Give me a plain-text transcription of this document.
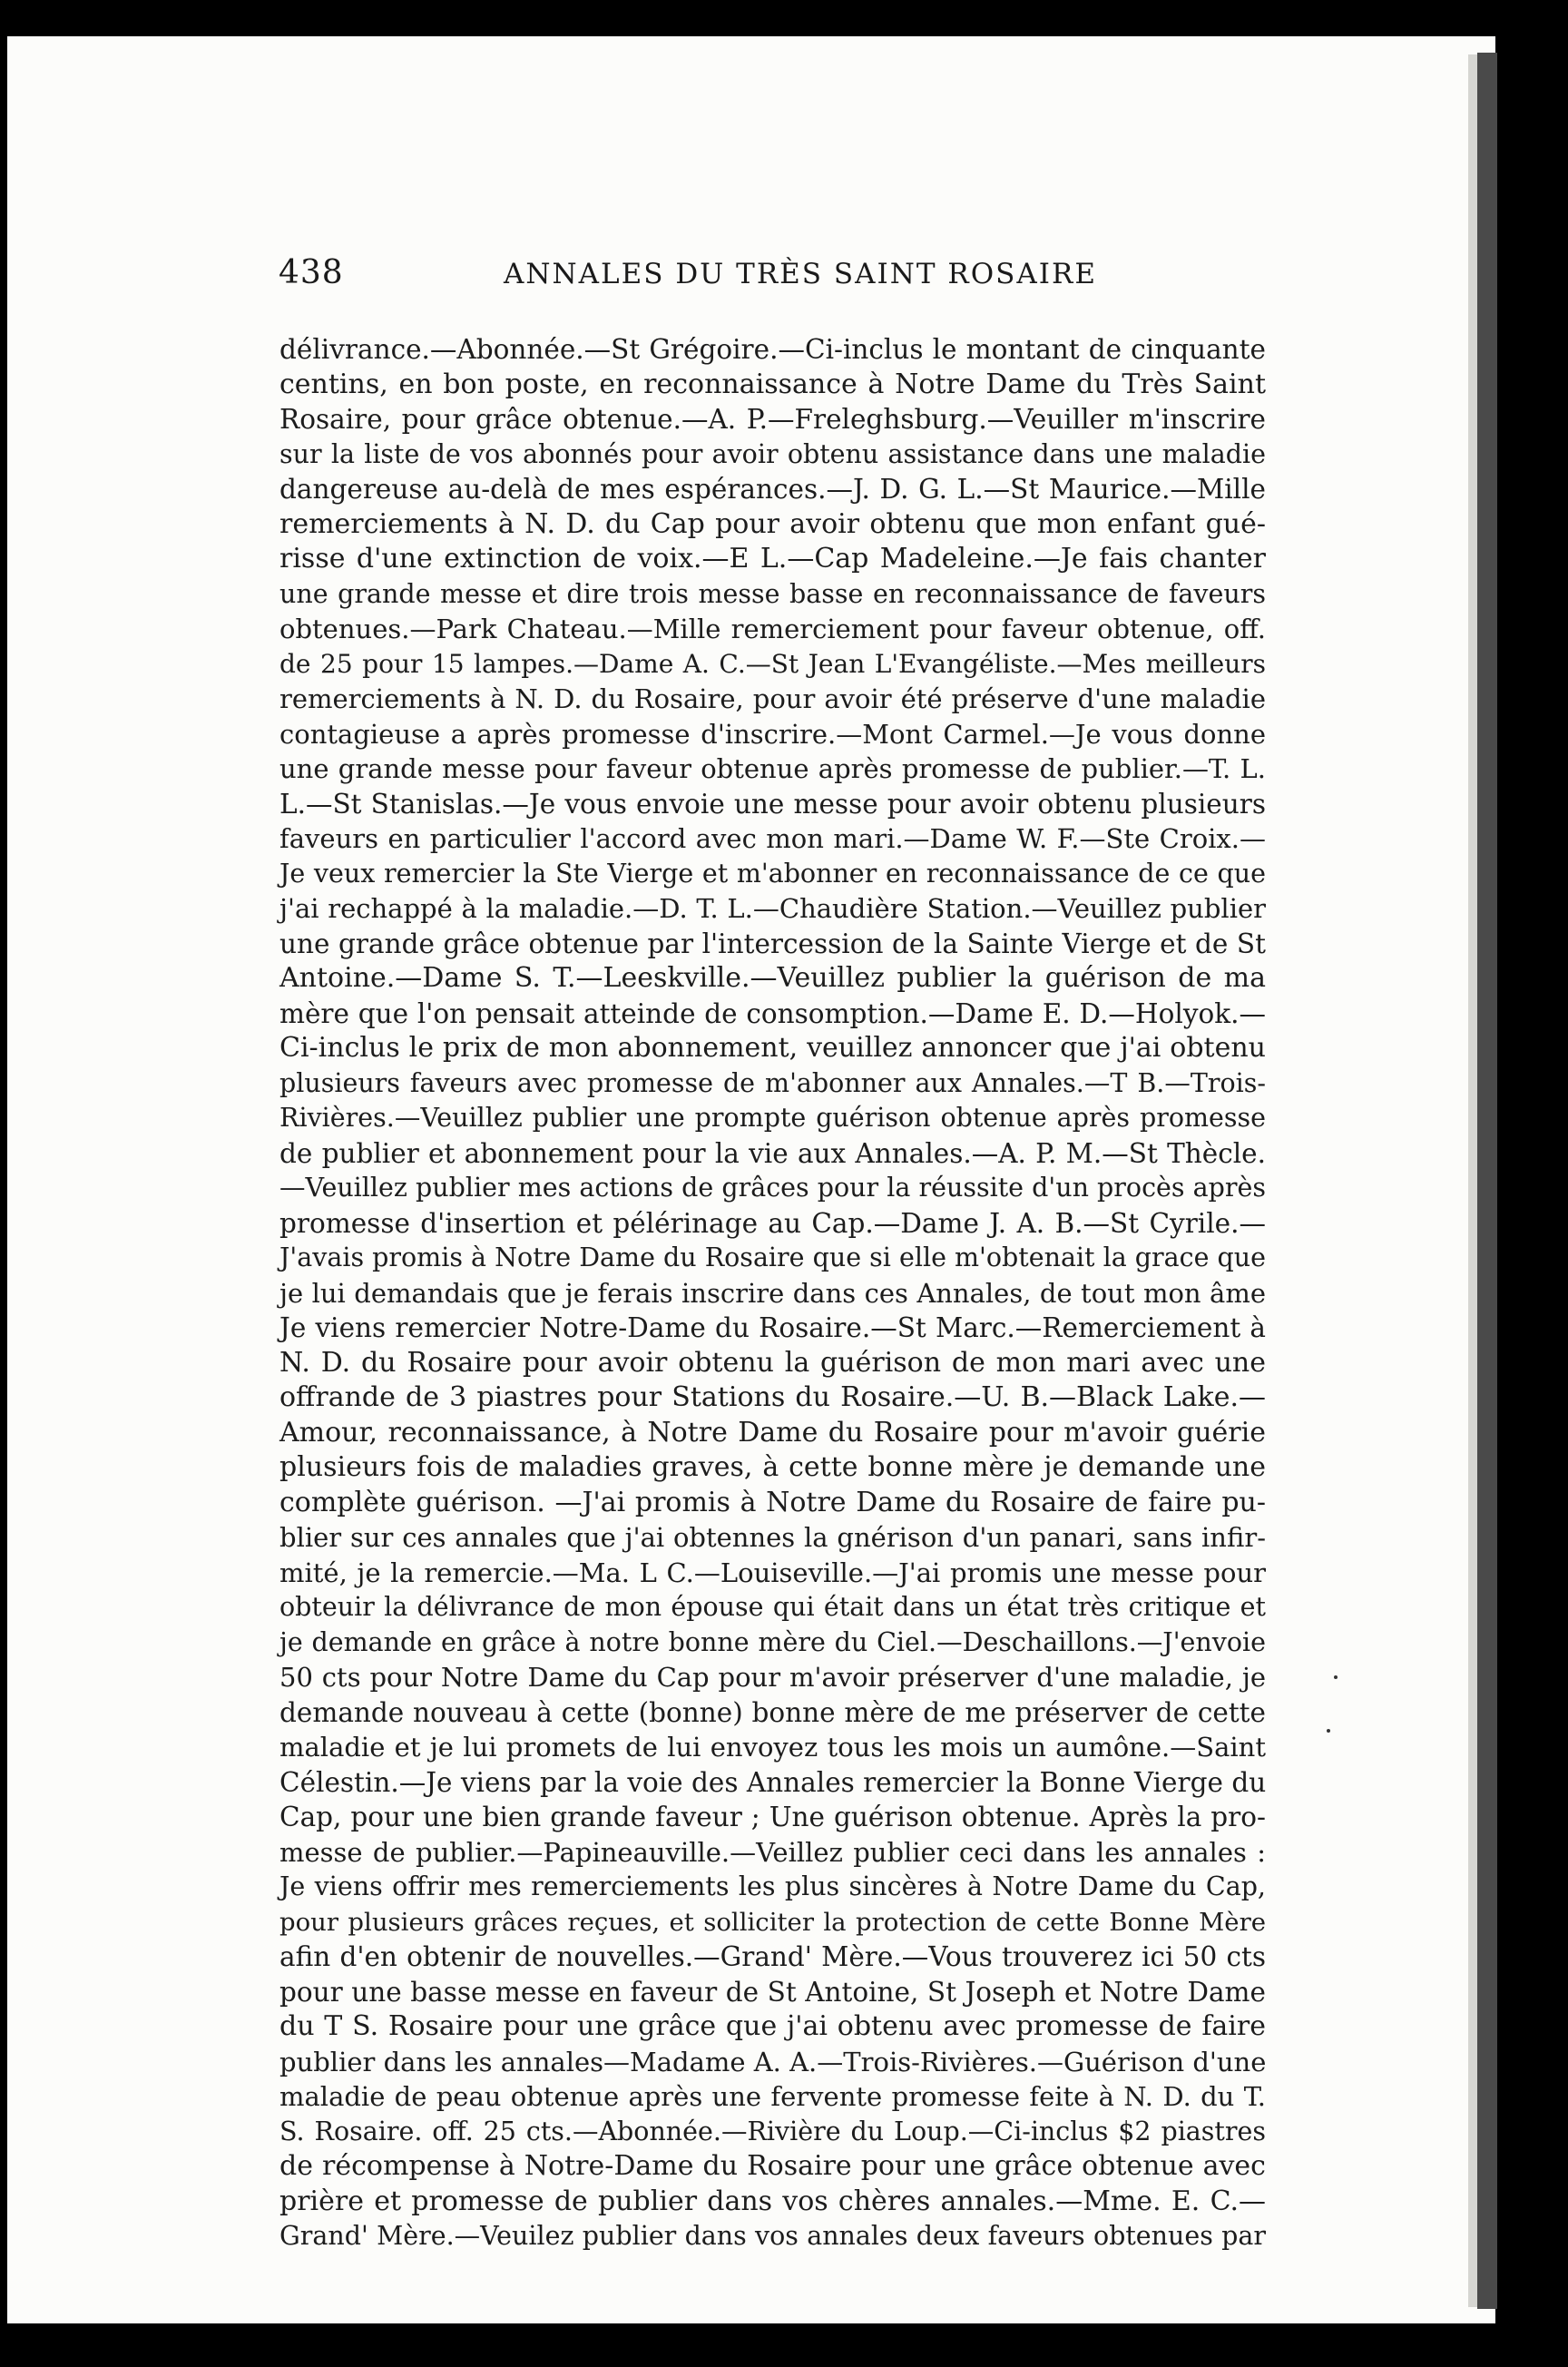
438	ANNALES DU TRÈS SAINT ROSAIRE
délivrance.—Abonnée.—St Grégoire.—Ci-inclus le montant de cinquante
centins, en bon poste, en reconnaissance à Notre Dame du Très Saint
Rosaire, pour grâce obtenue.—A. P.—Freleghsburg.—Veuiller m'inscrire
sur la liste de vos abonnés pour avoir obtenu assistance dans une maladie
dangereuse au-delà de mes espérances.—J. D. G. L.—St Maurice.—Mille
remerciements à N. D. du Cap pour avoir obtenu que mon enfant gué-
risse d'une extinction de voix.—E L.—Cap Madeleine.—Je fais chanter
une grande messe et dire trois messe basse en reconnaissance de faveurs
obtenues.—Park Chateau.—Mille remerciement pour faveur obtenue, off.
de 25 pour 15 lampes.—Dame A. C.—St Jean L'Evangéliste.—Mes meilleurs
remerciements à N. D. du Rosaire, pour avoir été préserve d'une maladie
contagieuse a après promesse d'inscrire.—Mont Carmel.—Je vous donne
une grande messe pour faveur obtenue après promesse de publier.—T. L.
L.—St Stanislas.—Je vous envoie une messe pour avoir obtenu plusieurs
faveurs en particulier l'accord avec mon mari.—Dame W. F.—Ste Croix.—
Je veux remercier la Ste Vierge et m'abonner en reconnaissance de ce que
j'ai rechappé à la maladie.—D. T. L.—Chaudière Station.—Veuillez publier
une grande grâce obtenue par l'intercession de la Sainte Vierge et de St
Antoine.—Dame S. T.—Leeskville.—Veuillez publier la guérison de ma
mère que l'on pensait atteinde de consomption.—Dame E. D.—Holyok.—
Ci-inclus le prix de mon abonnement, veuillez annoncer que j'ai obtenu
plusieurs faveurs avec promesse de m'abonner aux Annales.—T B.—Trois-
Rivières.—Veuillez publier une prompte guérison obtenue après promesse
de publier et abonnement pour la vie aux Annales.—A. P. M.—St Thècle.
—Veuillez publier mes actions de grâces pour la réussite d'un procès après
promesse d'insertion et pélérinage au Cap.—Dame J. A. B.—St Cyrile.—
J'avais promis à Notre Dame du Rosaire que si elle m'obtenait la grace que
je lui demandais que je ferais inscrire dans ces Annales, de tout mon âme
Je viens remercier Notre-Dame du Rosaire.—St Marc.—Remerciement à
N. D. du Rosaire pour avoir obtenu la guérison de mon mari avec une
offrande de 3 piastres pour Stations du Rosaire.—U. B.—Black Lake.—
Amour, reconnaissance, à Notre Dame du Rosaire pour m'avoir guérie
plusieurs fois de maladies graves, à cette bonne mère je demande une
complète guérison. —J'ai promis à Notre Dame du Rosaire de faire pu-
blier sur ces annales que j'ai obtennes la gnérison d'un panari, sans infir-
mité, je la remercie.—Ma. L C.—Louiseville.—J'ai promis une messe pour
obteuir la délivrance de mon épouse qui était dans un état très critique et
je demande en grâce à notre bonne mère du Ciel.—Deschaillons.—J'envoie
50 cts pour Notre Dame du Cap pour m'avoir préserver d'une maladie, je
demande nouveau à cette (bonne) bonne mère de me préserver de cette
maladie et je lui promets de lui envoyez tous les mois un aumône.—Saint
Célestin.—Je viens par la voie des Annales remercier la Bonne Vierge du
Cap, pour une bien grande faveur ; Une guérison obtenue. Après la pro-
messe de publier.—Papineauville.—Veillez publier ceci dans les annales :
Je viens offrir mes remerciements les plus sincères à Notre Dame du Cap,
pour plusieurs grâces reçues, et solliciter la protection de cette Bonne Mère
afin d'en obtenir de nouvelles.—Grand' Mère.—Vous trouverez ici 50 cts
pour une basse messe en faveur de St Antoine, St Joseph et Notre Dame
du T S. Rosaire pour une grâce que j'ai obtenu avec promesse de faire
publier dans les annales—Madame A. A.—Trois-Rivières.—Guérison d'une
maladie de peau obtenue après une fervente promesse feite à N. D. du T.
S. Rosaire. off. 25 cts.—Abonnée.—Rivière du Loup.—Ci-inclus $2 piastres
de récompense à Notre-Dame du Rosaire pour une grâce obtenue avec
prière et promesse de publier dans vos chères annales.—Mme. E. C.—
Grand' Mère.—Veuilez publier dans vos annales deux faveurs obtenues par
